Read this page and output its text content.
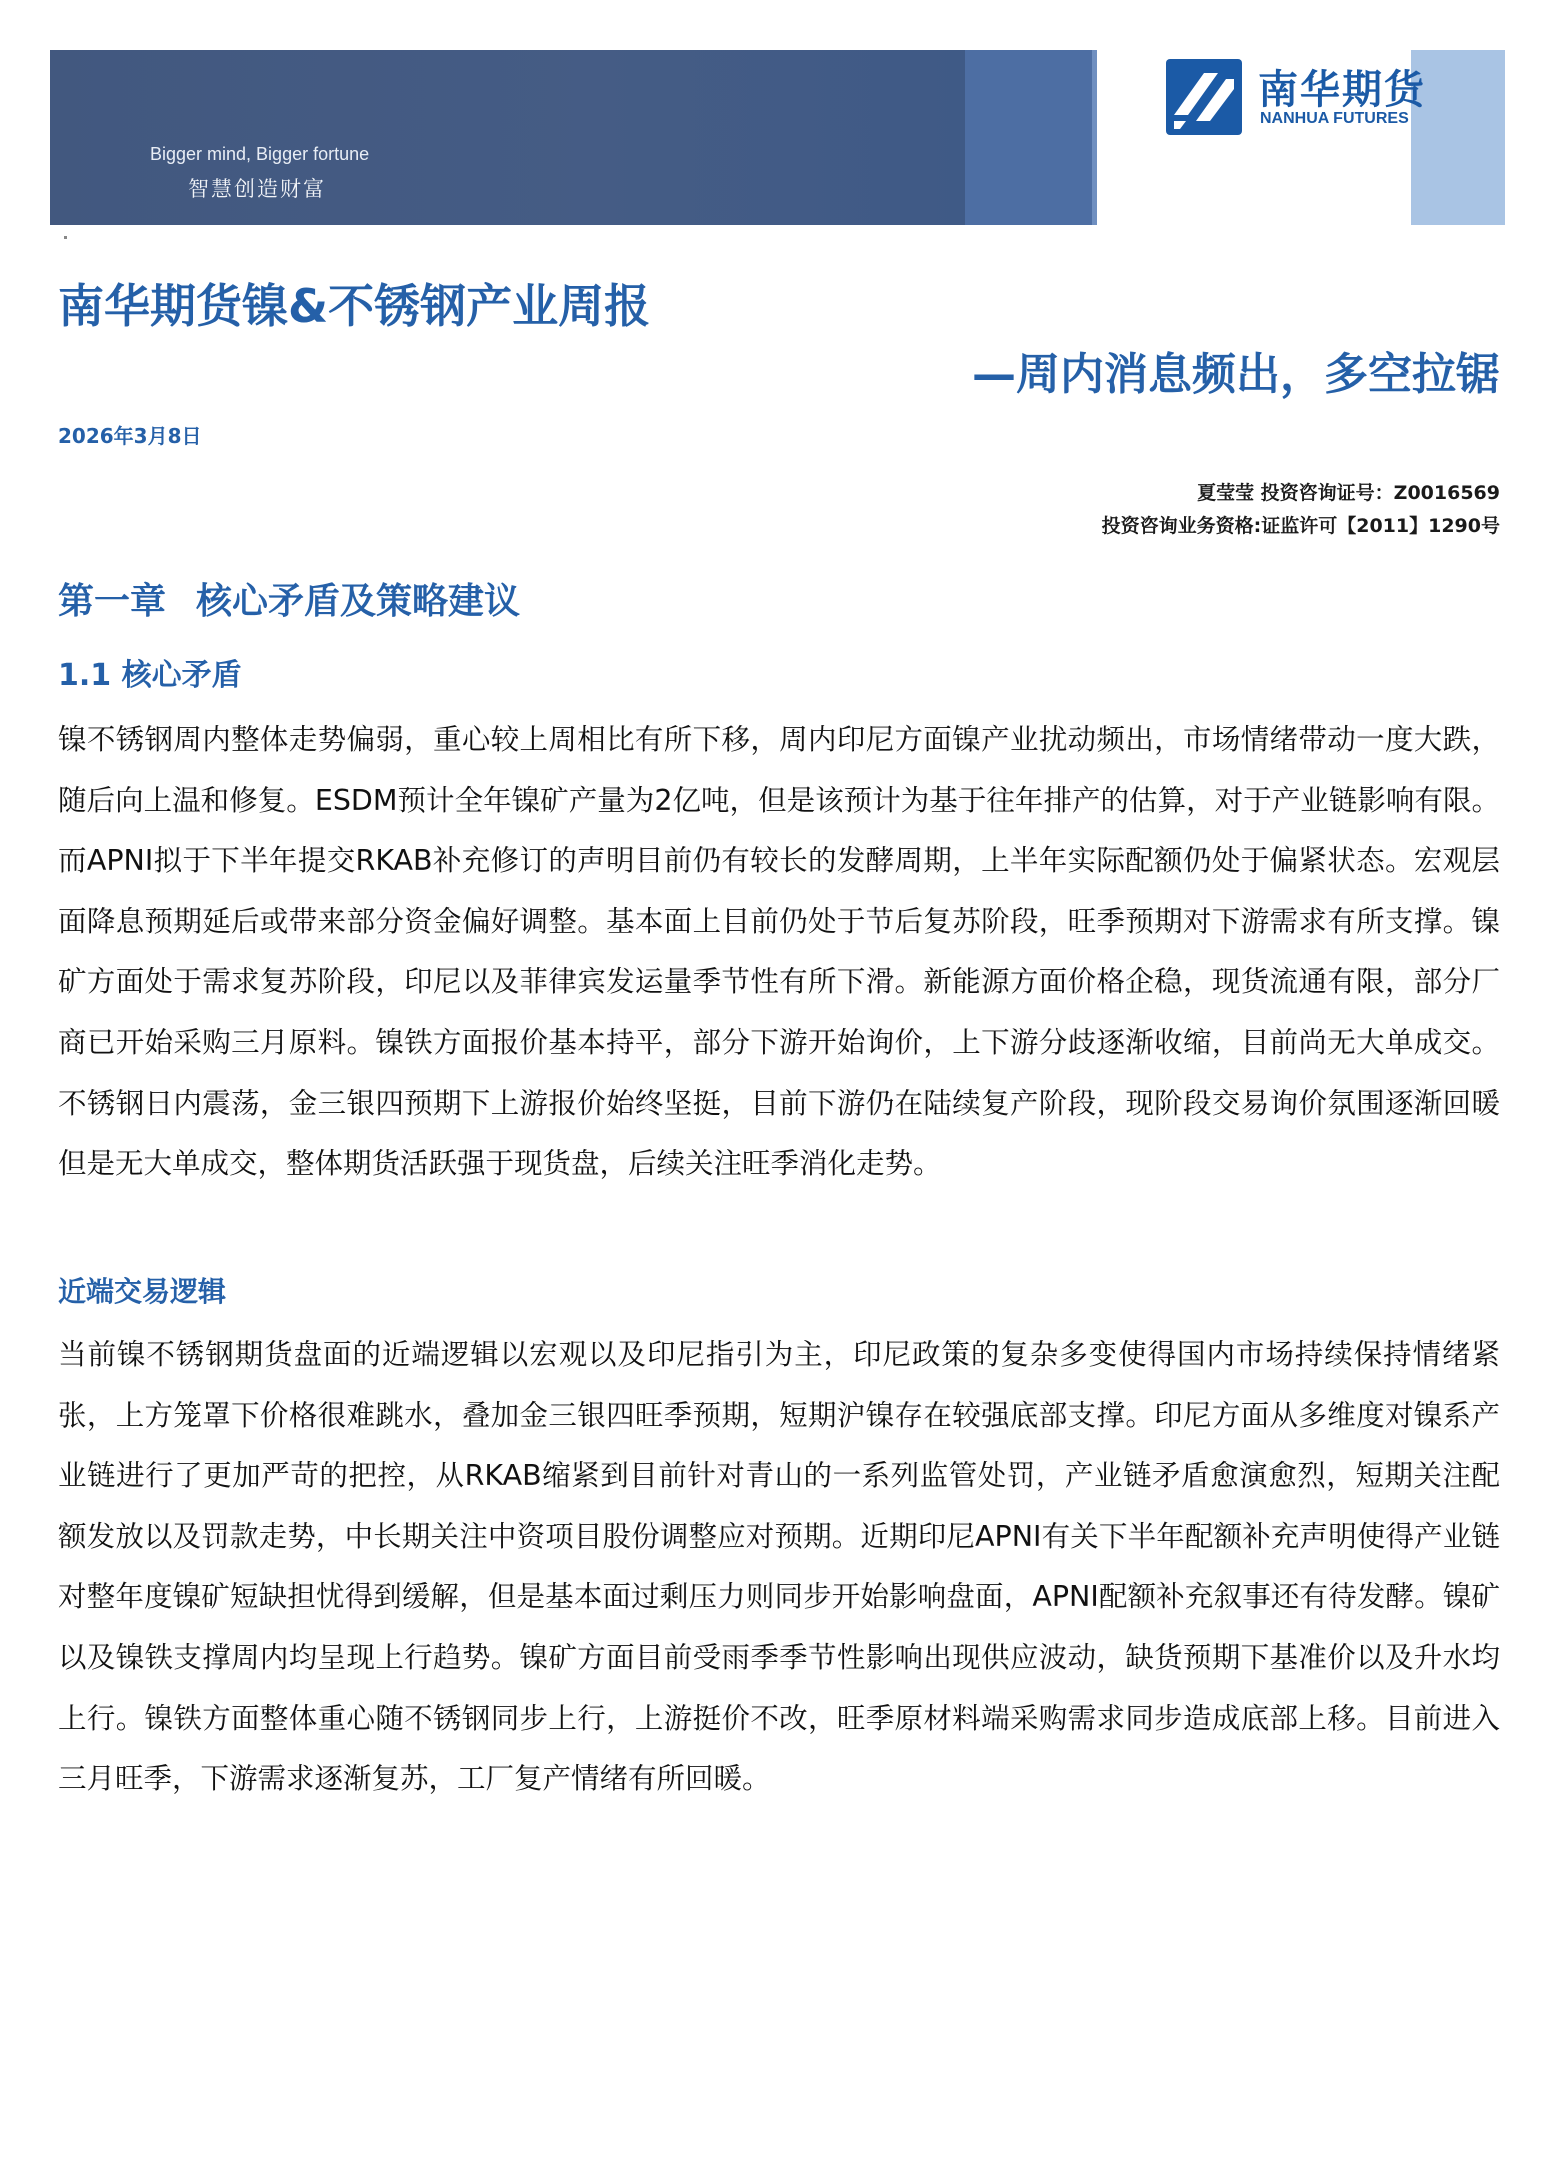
Bigger mind, Bigger fortune
智慧创造财富
南华期货
NANHUA FUTURES
南华期货镍&不锈钢产业周报
—周内消息频出，多空拉锯
2026年3月8日
夏莹莹 投资咨询证号：Z0016569
投资咨询业务资格:证监许可【2011】1290号
第一章 核心矛盾及策略建议
1.1 核心矛盾

镍不锈钢周内整体走势偏弱，重心较上周相比有所下移，周内印尼方面镍产业扰动频出，市场情绪带动一度大跌，随后向上温和修复。ESDM预计全年镍矿产量为2亿吨，但是该预计为基于往年排产的估算，对于产业链影响有限。而APNI拟于下半年提交RKAB补充修订的声明目前仍有较长的发酵周期，上半年实际配额仍处于偏紧状态。宏观层面降息预期延后或带来部分资金偏好调整。基本面上目前仍处于节后复苏阶段，旺季预期对下游需求有所支撑。镍矿方面处于需求复苏阶段，印尼以及菲律宾发运量季节性有所下滑。新能源方面价格企稳，现货流通有限，部分厂商已开始采购三月原料。镍铁方面报价基本持平，部分下游开始询价，上下游分歧逐渐收缩，目前尚无大单成交。不锈钢日内震荡，金三银四预期下上游报价始终坚挺，目前下游仍在陆续复产阶段，现阶段交易询价氛围逐渐回暖但是无大单成交，整体期货活跃强于现货盘，后续关注旺季消化走势。

近端交易逻辑

当前镍不锈钢期货盘面的近端逻辑以宏观以及印尼指引为主，印尼政策的复杂多变使得国内市场持续保持情绪紧张，上方笼罩下价格很难跳水，叠加金三银四旺季预期，短期沪镍存在较强底部支撑。印尼方面从多维度对镍系产业链进行了更加严苛的把控，从RKAB缩紧到目前针对青山的一系列监管处罚，产业链矛盾愈演愈烈，短期关注配额发放以及罚款走势，中长期关注中资项目股份调整应对预期。近期印尼APNI有关下半年配额补充声明使得产业链对整年度镍矿短缺担忧得到缓解，但是基本面过剩压力则同步开始影响盘面，APNI配额补充叙事还有待发酵。镍矿以及镍铁支撑周内均呈现上行趋势。镍矿方面目前受雨季季节性影响出现供应波动，缺货预期下基准价以及升水均上行。镍铁方面整体重心随不锈钢同步上行，上游挺价不改，旺季原材料端采购需求同步造成底部上移。目前进入三月旺季，下游需求逐渐复苏，工厂复产情绪有所回暖。
